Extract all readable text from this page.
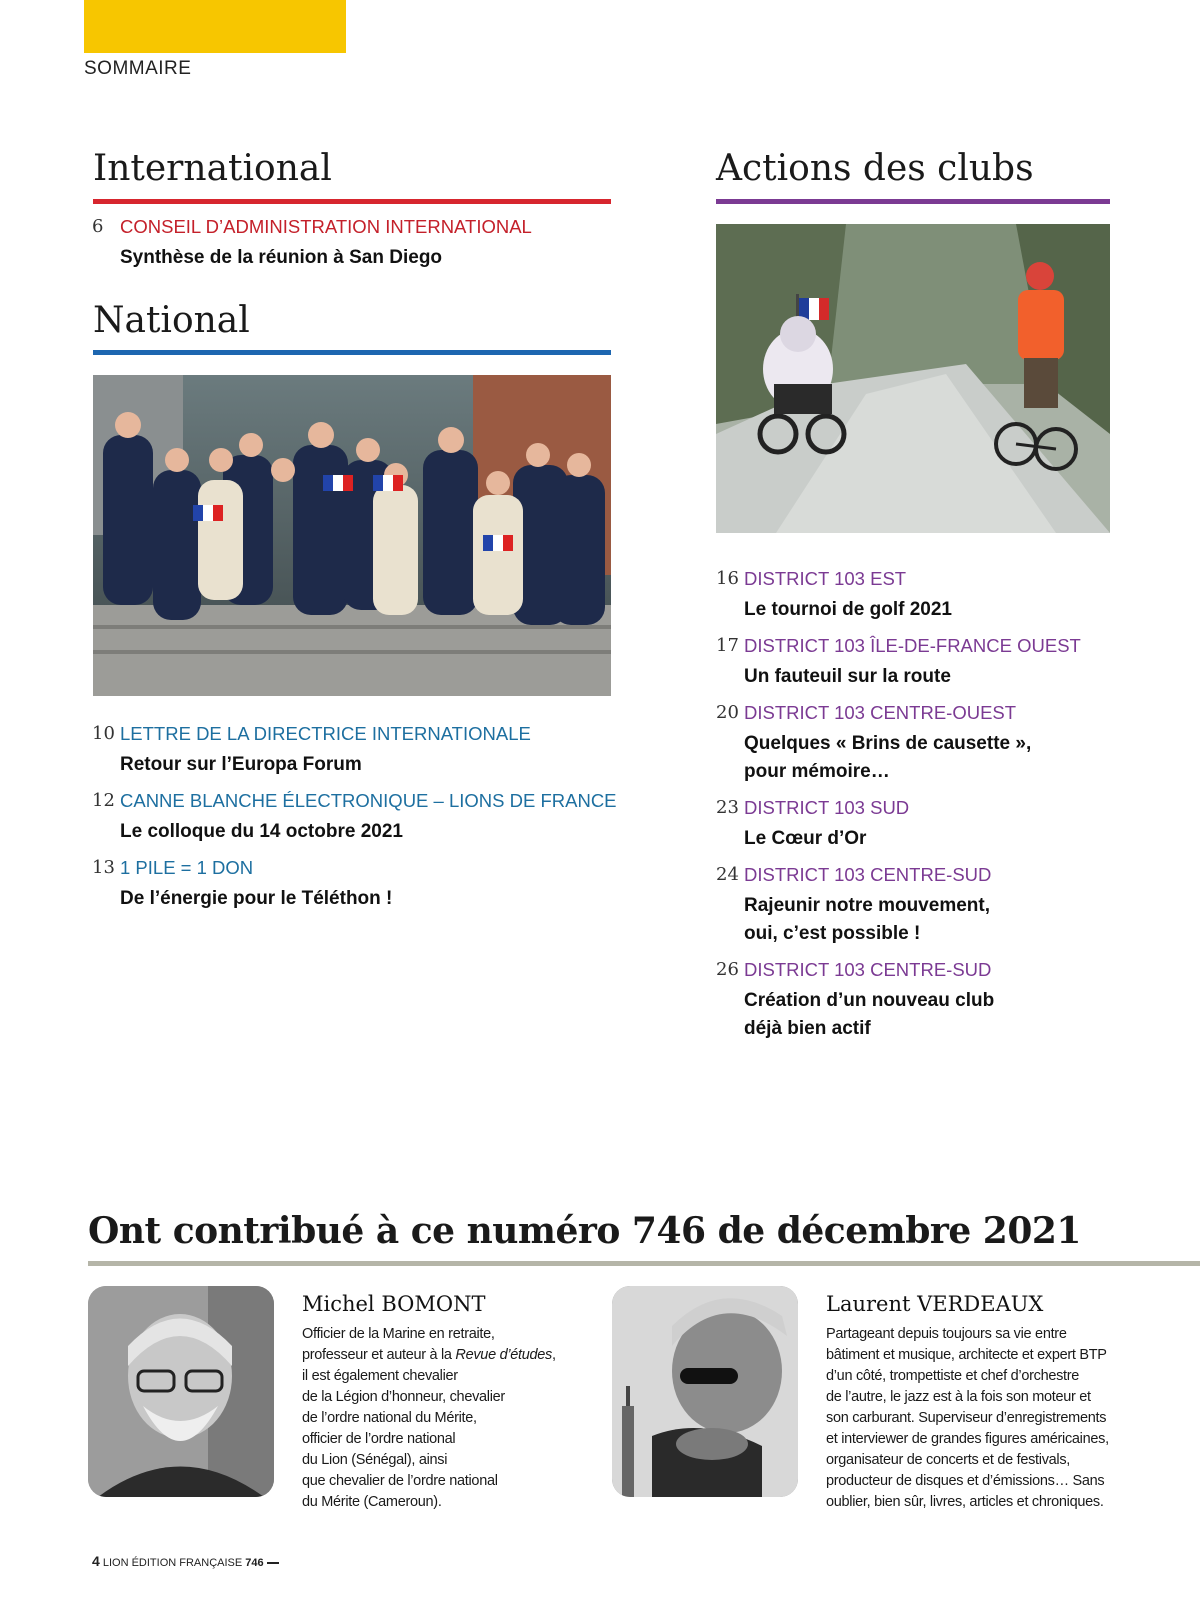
SOMMAIRE
International
6 CONSEIL D’ADMINISTRATION INTERNATIONAL
Synthèse de la réunion à San Diego
National
10 LETTRE DE LA DIRECTRICE INTERNATIONALE
Retour sur l’Europa Forum
12 CANNE BLANCHE ÉLECTRONIQUE – LIONS DE FRANCE
Le colloque du 14 octobre 2021
13 1 PILE = 1 DON
De l’énergie pour le Téléthon !
Actions des clubs
16 DISTRICT 103 EST
Le tournoi de golf 2021
17 DISTRICT 103 ÎLE-DE-FRANCE OUEST
Un fauteuil sur la route
20 DISTRICT 103 CENTRE-OUEST
Quelques « Brins de causette »,
pour mémoire…
23 DISTRICT 103 SUD
Le Cœur d’Or
24 DISTRICT 103 CENTRE-SUD
Rajeunir notre mouvement,
oui, c’est possible !
26 DISTRICT 103 CENTRE-SUD
Création d’un nouveau club
déjà bien actif
Ont contribué à ce numéro 746 de décembre 2021
Michel BOMONT
Officier de la Marine en retraite,
professeur et auteur à la Revue d’études,
il est également chevalier
de la Légion d’honneur, chevalier
de l’ordre national du Mérite,
officier de l’ordre national
du Lion (Sénégal), ainsi
que chevalier de l’ordre national
du Mérite (Cameroun).
Laurent VERDEAUX
Partageant depuis toujours sa vie entre
bâtiment et musique, architecte et expert BTP
d’un côté, trompettiste et chef d’orchestre
de l’autre, le jazz est à la fois son moteur et
son carburant. Superviseur d’enregistrements
et interviewer de grandes figures américaines,
organisateur de concerts et de festivals,
producteur de disques et d’émissions… Sans
oublier, bien sûr, livres, articles et chroniques.
4 LION ÉDITION FRANÇAISE 746
